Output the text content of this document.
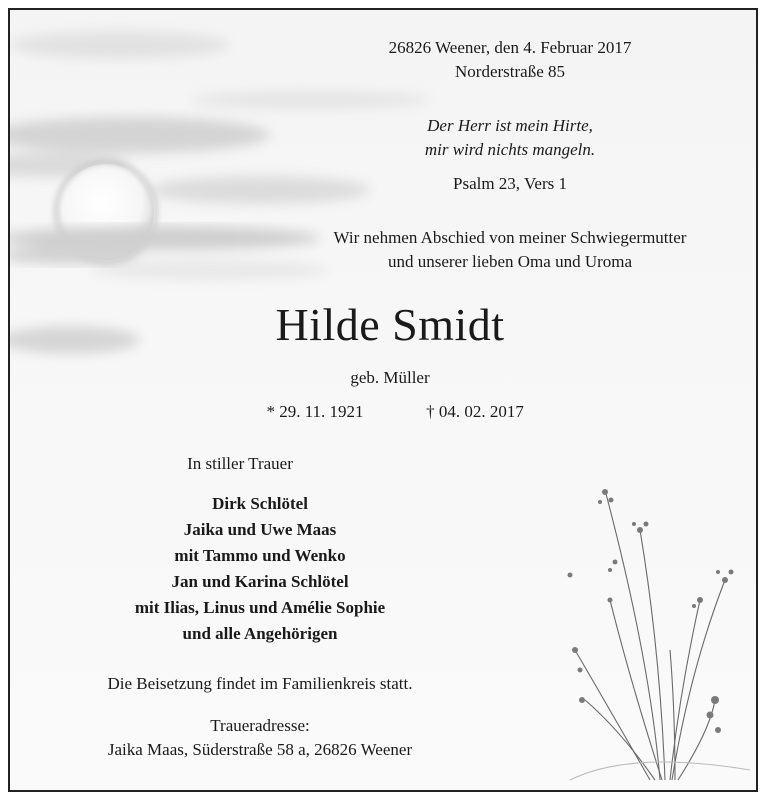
26826 Weener, den 4. Februar 2017
Norderstraße 85
Der Herr ist mein Hirte,
mir wird nichts mangeln.
Psalm 23, Vers 1
Wir nehmen Abschied von meiner Schwiegermutter
und unserer lieben Oma und Uroma
Hilde Smidt
geb. Müller
* 29. 11. 1921	† 04. 02. 2017
In stiller Trauer
Dirk Schlötel
Jaika und Uwe Maas
mit Tammo und Wenko
Jan und Karina Schlötel
mit Ilias, Linus und Amélie Sophie
und alle Angehörigen
Die Beisetzung findet im Familienkreis statt.
Traueradresse:
Jaika Maas, Süderstraße 58 a, 26826 Weener
